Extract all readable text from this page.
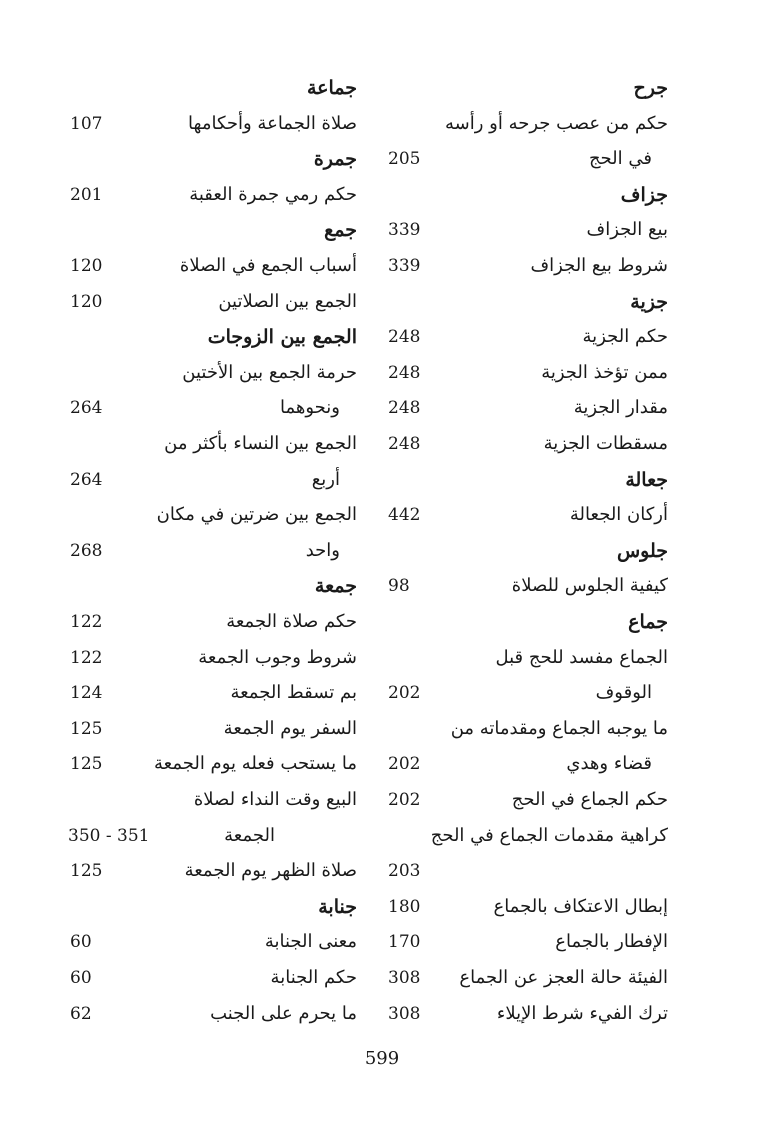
جرح
حكم من عصب جرحه أو رأسه
في الحج
205
جزاف
بيع الجزاف
339
شروط بيع الجزاف
339
جزية
حكم الجزية
248
ممن تؤخذ الجزية
248
مقدار الجزية
248
مسقطات الجزية
248
جعالة
أركان الجعالة
442
جلوس
كيفية الجلوس للصلاة
98
جماع
الجماع مفسد للحج قبل
الوقوف
202
ما يوجبه الجماع ومقدماته من
قضاء وهدي
202
حكم الجماع في الحج
202
كراهية مقدمات الجماع في الحج
203
إبطال الاعتكاف بالجماع
180
الإفطار بالجماع
170
الفيئة حالة العجز عن الجماع
308
ترك الفيء شرط الإيلاء
308
جماعة
صلاة الجماعة وأحكامها
107
جمرة
حكم رمي جمرة العقبة
201
جمع
أسباب الجمع في الصلاة
120
الجمع بين الصلاتين
120
الجمع بين الزوجات
حرمة الجمع بين الأختين
ونحوهما
264
الجمع بين النساء بأكثر من
أربع
264
الجمع بين ضرتين في مكان
واحد
268
جمعة
حكم صلاة الجمعة
122
شروط وجوب الجمعة
122
بم تسقط الجمعة
124
السفر يوم الجمعة
125
ما يستحب فعله يوم الجمعة
125
البيع وقت النداء لصلاة
الجمعة
350 - 351
صلاة الظهر يوم الجمعة
125
جنابة
معنى الجنابة
60
حكم الجنابة
60
ما يحرم على الجنب
62
599
